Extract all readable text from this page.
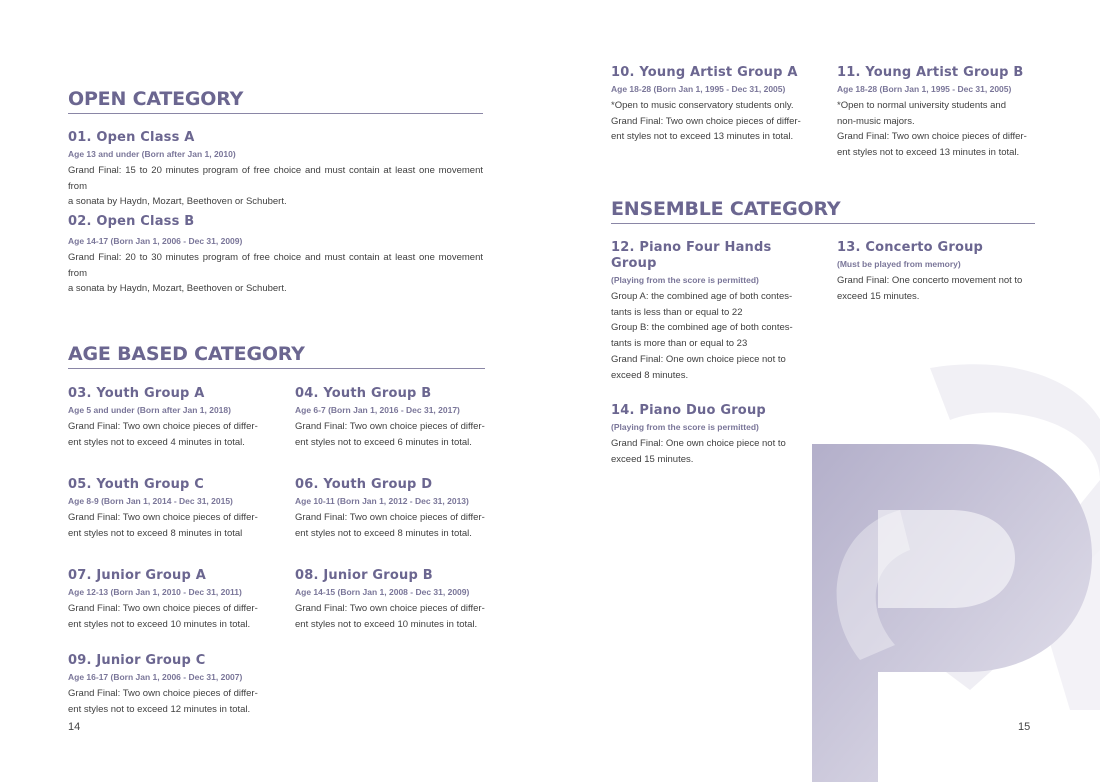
OPEN CATEGORY
01. Open Class A
Age 13 and under (Born after Jan 1, 2010)

Grand Final: 15 to 20 minutes program of free choice and must contain at least one movement from
a sonata by Haydn, Mozart, Beethoven or Schubert.

02. Open Class B
Age 14-17 (Born Jan 1, 2006 - Dec 31, 2009)

Grand Final: 20 to 30 minutes program of free choice and must contain at least one movement from
a sonata by Haydn, Mozart, Beethoven or Schubert.

AGE BASED CATEGORY
03. Youth Group A
Age 5 and under (Born after Jan 1, 2018)

Grand Final: Two own choice pieces of differ-
ent styles not to exceed 4 minutes in total.

04. Youth Group B
Age 6-7 (Born Jan 1, 2016 - Dec 31, 2017)

Grand Final: Two own choice pieces of differ-
ent styles not to exceed 6 minutes in total.

05. Youth Group C
Age 8-9 (Born Jan 1, 2014 - Dec 31, 2015)

Grand Final: Two own choice pieces of differ-
ent styles not to exceed 8 minutes in total

06. Youth Group D
Age 10-11 (Born Jan 1, 2012 - Dec 31, 2013)

Grand Final: Two own choice pieces of differ-
ent styles not to exceed 8 minutes in total.

07. Junior Group A
Age 12-13 (Born Jan 1, 2010 - Dec 31, 2011)

Grand Final: Two own choice pieces of differ-
ent styles not to exceed 10 minutes in total.

08. Junior Group B
Age 14-15 (Born Jan 1, 2008 - Dec 31, 2009)

Grand Final: Two own choice pieces of differ-
ent styles not to exceed 10 minutes in total.

09. Junior Group C
Age 16-17 (Born Jan 1, 2006 - Dec 31, 2007)

Grand Final: Two own choice pieces of differ-
ent styles not to exceed 12 minutes in total.

14
10. Young Artist Group A
Age 18-28 (Born Jan 1, 1995 - Dec 31, 2005)

*Open to music conservatory students only.
Grand Final: Two own choice pieces of differ-
ent styles not to exceed 13 minutes in total.

11. Young Artist Group B
Age 18-28 (Born Jan 1, 1995 - Dec 31, 2005)

*Open to normal university students and
non-music majors.
Grand Final: Two own choice pieces of differ-
ent styles not to exceed 13 minutes in total.

ENSEMBLE CATEGORY
12. Piano Four Hands Group
(Playing from the score is permitted)

Group A: the combined age of both contes-
tants is less than or equal to 22
Group B: the combined age of both contes-
tants is more than or equal to 23
Grand Final: One own choice piece not to
exceed 8 minutes.

13. Concerto Group
(Must be played from memory)

Grand Final: One concerto movement not to
exceed 15 minutes.

14. Piano Duo Group
(Playing from the score is permitted)

Grand Final: One own choice piece not to
exceed 15 minutes.

15
